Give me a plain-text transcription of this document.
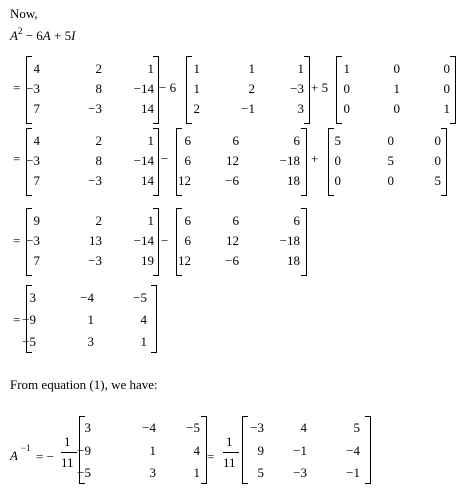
Now,
$A^2 - 6A + 5I$
From equation (1), we have:
=
4	2	1
−3	8	−14
7	−3	14
− 6
1	1	1
1	2	−3
2	−1	3
+ 5
1	0	0
0	1	0
0	0	1
=
4	2	1
−3	8	−14
7	−3	14
−
6	6	6
6	12	−18
12	−6	18
+
5	0	0
0	5	0
0	0	5
=
9	2	1
−3	13	−14
7	−3	19
−
6	6	6
6	12	−18
12	−6	18
=
3	−4	−5
−9	1	4
−5	3	1
A −1
= −
1
11
3	−4	−5
−9	1	4
−5	3	1
=
1
11
−3	4	5
9	−1	−4
5	−3	−1
